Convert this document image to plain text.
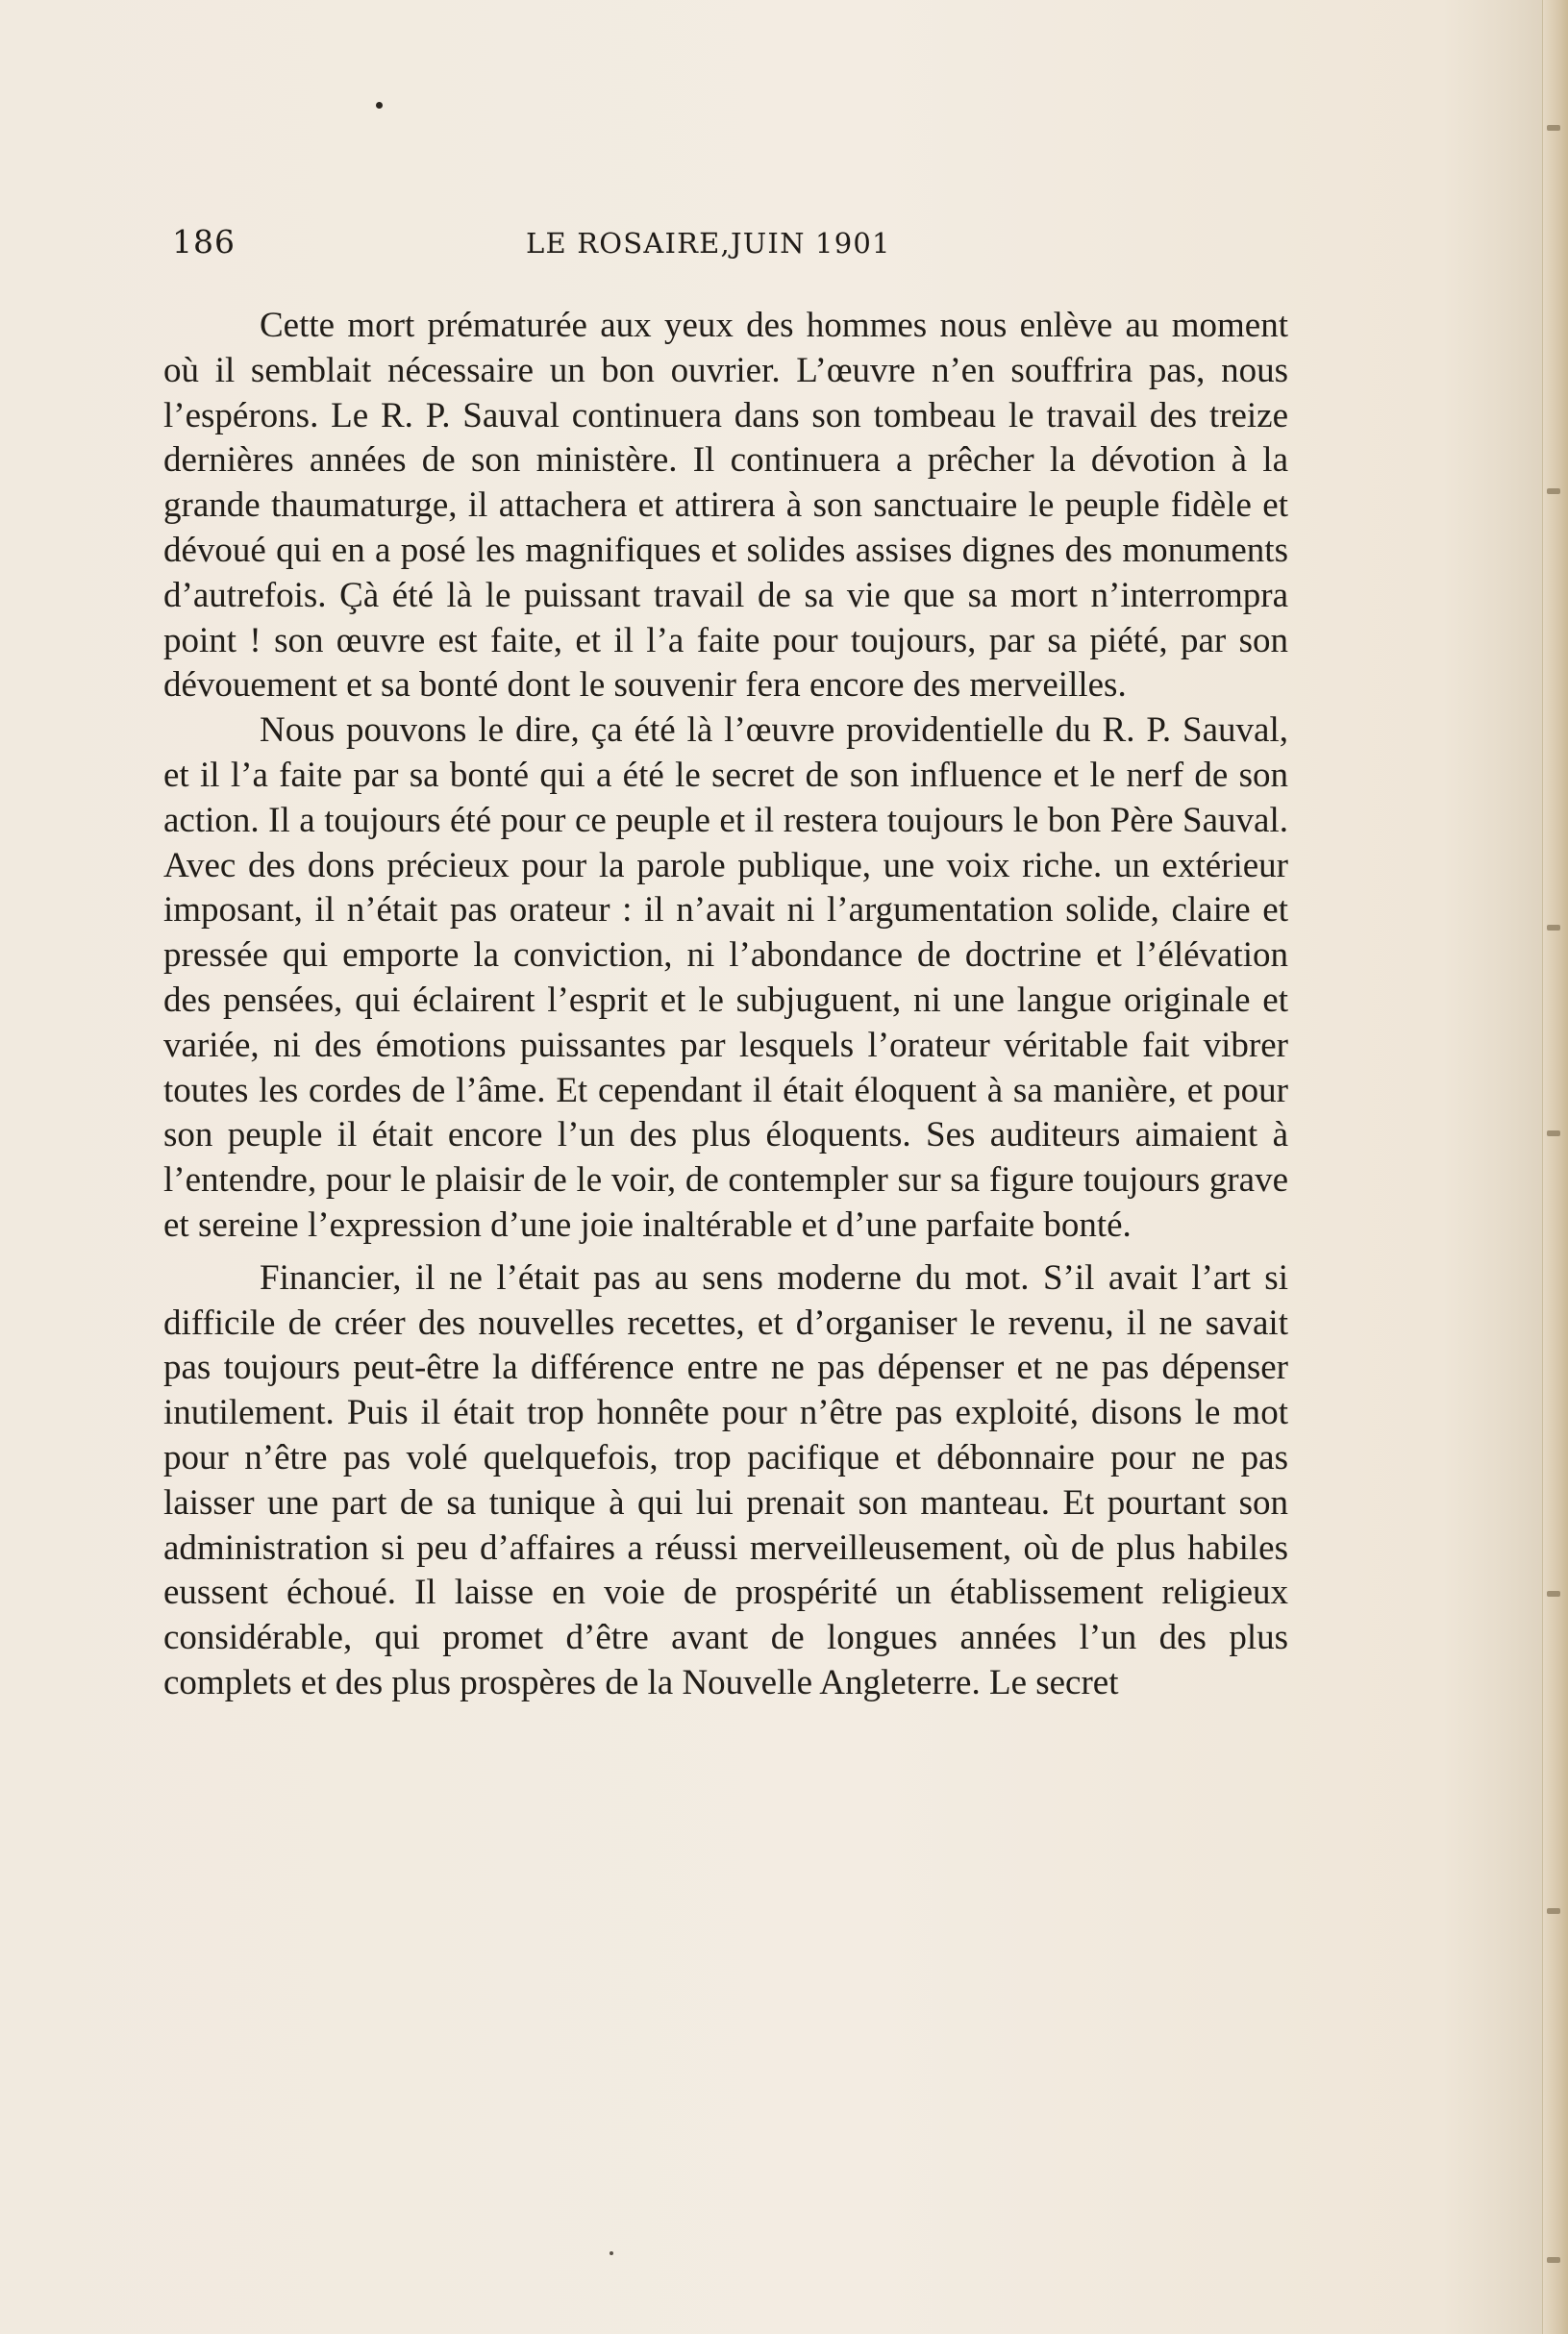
186	LE ROSAIRE,JUIN 1901

Cette mort prématurée aux yeux des hommes nous enlève au moment où il semblait nécessaire un bon ouvrier. L’œuvre n’en souffrira pas, nous l’espérons. Le R. P. Sauval continuera dans son tombeau le travail des treize dernières années de son ministère. Il continuera a prêcher la dévotion à la grande thaumaturge, il attachera et attirera à son sanctuaire le peuple fidèle et dévoué qui en a posé les magnifiques et solides assises dignes des monuments d’autrefois. Çà été là le puissant travail de sa vie que sa mort n’interrompra point ! son œuvre est faite, et il l’a faite pour toujours, par sa piété, par son dévouement et sa bonté dont le souvenir fera encore des merveilles.

Nous pouvons le dire, ça été là l’œuvre providentielle du R. P. Sauval, et il l’a faite par sa bonté qui a été le secret de son influence et le nerf de son action. Il a toujours été pour ce peuple et il restera toujours le bon Père Sauval. Avec des dons précieux pour la parole publique, une voix riche. un extérieur imposant, il n’était pas orateur : il n’avait ni l’argumentation solide, claire et pressée qui emporte la conviction, ni l’abondance de doctrine et l’élévation des pensées, qui éclairent l’esprit et le subjuguent, ni une langue originale et variée, ni des émotions puissantes par lesquels l’orateur véritable fait vibrer toutes les cordes de l’âme. Et cependant il était éloquent à sa manière, et pour son peuple il était encore l’un des plus éloquents. Ses auditeurs aimaient à l’entendre, pour le plaisir de le voir, de contempler sur sa figure toujours grave et sereine l’expression d’une joie inaltérable et d’une parfaite bonté.

Financier, il ne l’était pas au sens moderne du mot. S’il avait l’art si difficile de créer des nouvelles recettes, et d’organiser le revenu, il ne savait pas toujours peut-être la différence entre ne pas dépenser et ne pas dépenser inutilement. Puis il était trop honnête pour n’être pas exploité, disons le mot pour n’être pas volé quelquefois, trop pacifique et débonnaire pour ne pas laisser une part de sa tunique à qui lui prenait son manteau. Et pourtant son administration si peu d’affaires a réussi merveilleusement, où de plus habiles eussent échoué. Il laisse en voie de prospérité un établissement religieux considérable, qui promet d’être avant de longues années l’un des plus complets et des plus prospères de la Nouvelle Angleterre. Le secret
